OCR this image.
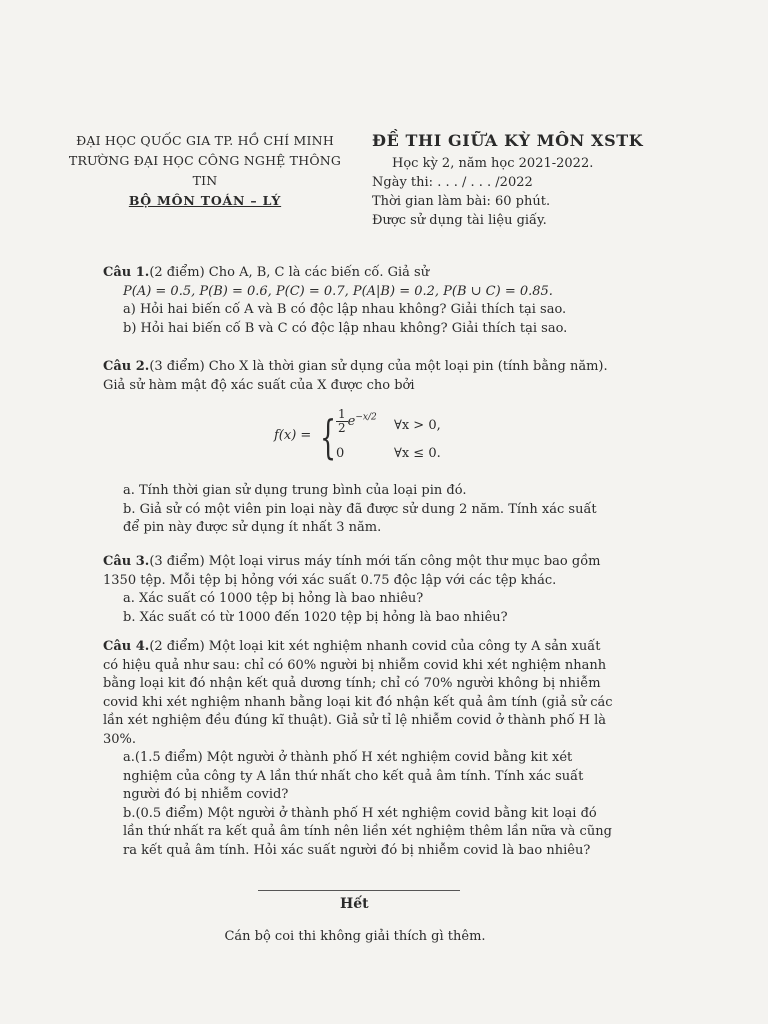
ĐẠI HỌC QUỐC GIA TP. HỒ CHÍ MINH
TRƯỜNG ĐẠI HỌC CÔNG NGHỆ THÔNG TIN
BỘ MÔN TOÁN – LÝ
ĐỀ THI GIỮA KỲ MÔN XSTK
Học kỳ 2, năm học 2021-2022.
Ngày thi: . . . / . . . /2022
Thời gian làm bài: 60 phút.
Được sử dụng tài liệu giấy.

Câu 1.(2 điểm) Cho A, B, C là các biến cố. Giả sử

P(A) = 0.5, P(B) = 0.6, P(C) = 0.7, P(A|B) = 0.2, P(B ∪ C) = 0.85.

a) Hỏi hai biến cố A và B có độc lập nhau không? Giải thích tại sao.

b) Hỏi hai biến cố B và C có độc lập nhau không? Giải thích tại sao.

Câu 2.(3 điểm) Cho X là thời gian sử dụng của một loại pin (tính bằng năm). Giả sử hàm mật độ xác suất của X được cho bởi

f(x) = { $\frac{1}{2} e^{-x/2}$
∀x > 0,
0	∀x ≤ 0.

a. Tính thời gian sử dụng trung bình của loại pin đó.

b. Giả sử có một viên pin loại này đã được sử dung 2 năm. Tính xác suất để pin này được sử dụng ít nhất 3 năm.

Câu 3.(3 điểm) Một loại virus máy tính mới tấn công một thư mục bao gồm 1350 tệp. Mỗi tệp bị hỏng với xác suất 0.75 độc lập với các tệp khác.

a. Xác suất có 1000 tệp bị hỏng là bao nhiêu?

b. Xác suất có từ 1000 đến 1020 tệp bị hỏng là bao nhiêu?

Câu 4.(2 điểm) Một loại kit xét nghiệm nhanh covid của công ty A sản xuất có hiệu quả như sau: chỉ có 60% người bị nhiễm covid khi xét nghiệm nhanh bằng loại kit đó nhận kết quả dương tính; chỉ có 70% người không bị nhiễm covid khi xét nghiệm nhanh bằng loại kit đó nhận kết quả âm tính (giả sử các lần xét nghiệm đều đúng kĩ thuật). Giả sử tỉ lệ nhiễm covid ở thành phố H là 30%.

a.(1.5 điểm) Một người ở thành phố H xét nghiệm covid bằng kit xét nghiệm của công ty A lần thứ nhất cho kết quả âm tính. Tính xác suất người đó bị nhiễm covid?

b.(0.5 điểm) Một người ở thành phố H xét nghiệm covid bằng kit loại đó lần thứ nhất ra kết quả âm tính nên liền xét nghiệm thêm lần nữa và cũng ra kết quả âm tính. Hỏi xác suất người đó bị nhiễm covid là bao nhiêu?

Hết
Cán bộ coi thi không giải thích gì thêm.
